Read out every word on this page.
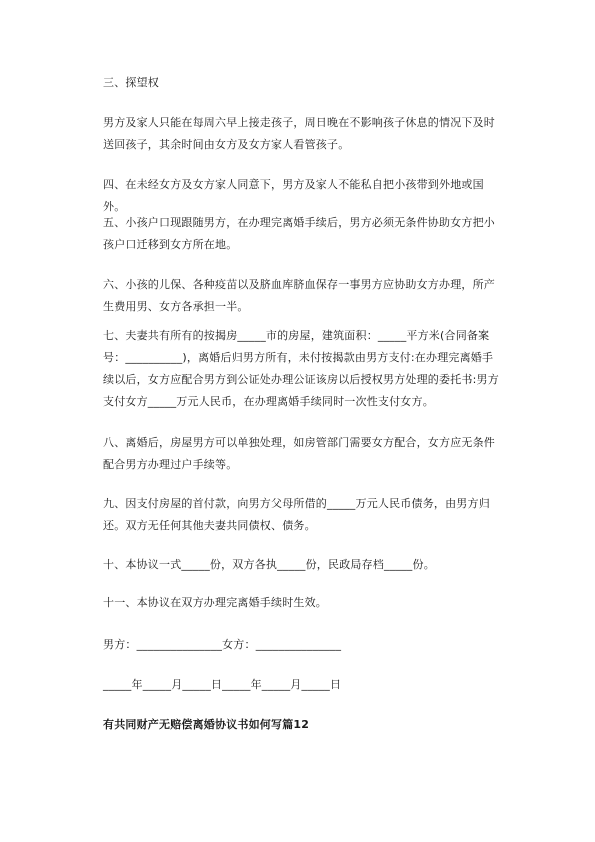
三、探望权
男方及家人只能在每周六早上接走孩子，周日晚在不影响孩子休息的情况下及时送回孩子，其余时间由女方及女方家人看管孩子。
四、在未经女方及女方家人同意下，男方及家人不能私自把小孩带到外地或国外。
五、小孩户口现跟随男方，在办理完离婚手续后，男方必须无条件协助女方把小孩户口迁移到女方所在地。
六、小孩的儿保、各种疫苗以及脐血库脐血保存一事男方应协助女方办理，所产生费用男、女方各承担一半。
七、夫妻共有所有的按揭房_____市的房屋，建筑面积：_____平方米(合同备案号：__________)，离婚后归男方所有，未付按揭款由男方支付:在办理完离婚手续以后，女方应配合男方到公证处办理公证该房以后授权男方处理的委托书:男方支付女方_____万元人民币，在办理离婚手续同时一次性支付女方。
八、离婚后，房屋男方可以单独处理，如房管部门需要女方配合，女方应无条件配合男方办理过户手续等。
九、因支付房屋的首付款，向男方父母所借的_____万元人民币债务，由男方归还。双方无任何其他夫妻共同债权、债务。
十、本协议一式_____份，双方各执_____份，民政局存档_____份。
十一、本协议在双方办理完离婚手续时生效。
男方：_______________女方：_______________
_____年_____月_____日_____年_____月_____日
有共同财产无赔偿离婚协议书如何写篇12
